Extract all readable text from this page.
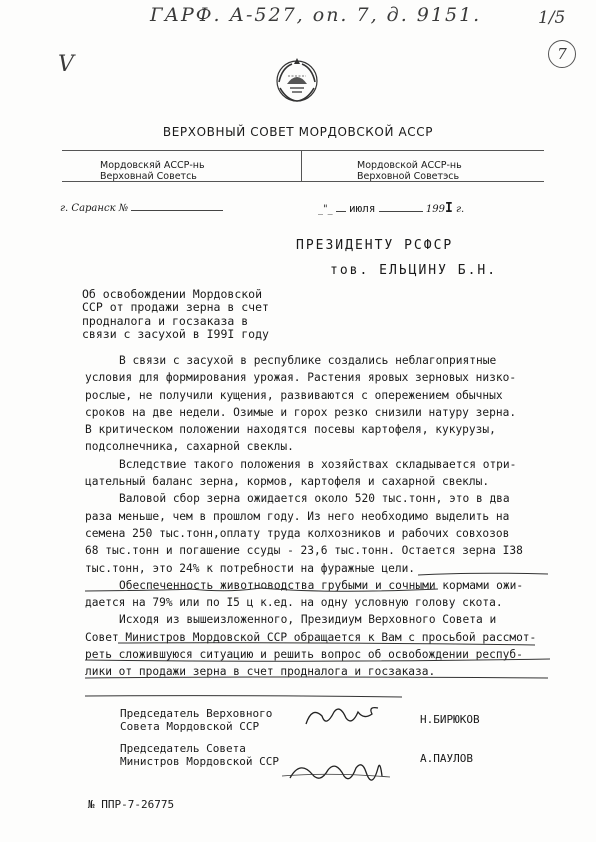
ГАРФ. А-527, оп. 7, д. 9151.	1/5
V	7
ВЕРХОВНЫЙ СОВЕТ МОРДОВСКОЙ АССР
Мордовскяй АССР-нь
Верховнай Советсь
Мордовской АССР-нь
Верховной Советэсь
г. Саранск №	_"_ июля	199I г.
ПРЕЗИДЕНТУ РСФСР
тов. ЕЛЬЦИНУ Б.Н.
Об освобождении Мордовской
ССР от продажи зерна в счет
продналога и госзаказа в
связи с засухой в I99I году

В связи с засухой в республике создались неблагоприятные
условия для формирования урожая. Растения яровых зерновых низко-
рослые, не получили кущения, развиваются с опережением обычных
сроков на две недели. Озимые и горох резко снизили натуру зерна.
В критическом положении находятся посевы картофеля, кукурузы,
подсолнечника, сахарной свеклы.

Вследствие такого положения в хозяйствах складывается отри-
цательный баланс зерна, кормов, картофеля и сахарной свеклы.

Валовой сбор зерна ожидается около 520 тыс.тонн, это в два
раза меньше, чем в прошлом году. Из него необходимо выделить на
семена 250 тыс.тонн,оплату труда колхозников и рабочих совхозов
68 тыс.тонн и погашение ссуды - 23,6 тыс.тонн. Остается зерна I38
тыс.тонн, это 24% к потребности на фуражные цели.

Обеспеченность животноводства грубыми и сочными кормами ожи-
дается на 79% или по I5 ц к.ед. на одну условную голову скота.

Исходя из вышеизложенного, Президиум Верховного Совета и
Совет Министров Мордовской ССР обращается к Вам с просьбой рассмот-
реть сложившуюся ситуацию и решить вопрос об освобождении респуб-
лики от продажи зерна в счет продналога и госзаказа.

Председатель Верховного
Совета Мордовской ССР	Н.БИРЮКОВ
Председатель Совета
Министров Мордовской ССР	А.ПАУЛОВ
№ ППР-7-26775
